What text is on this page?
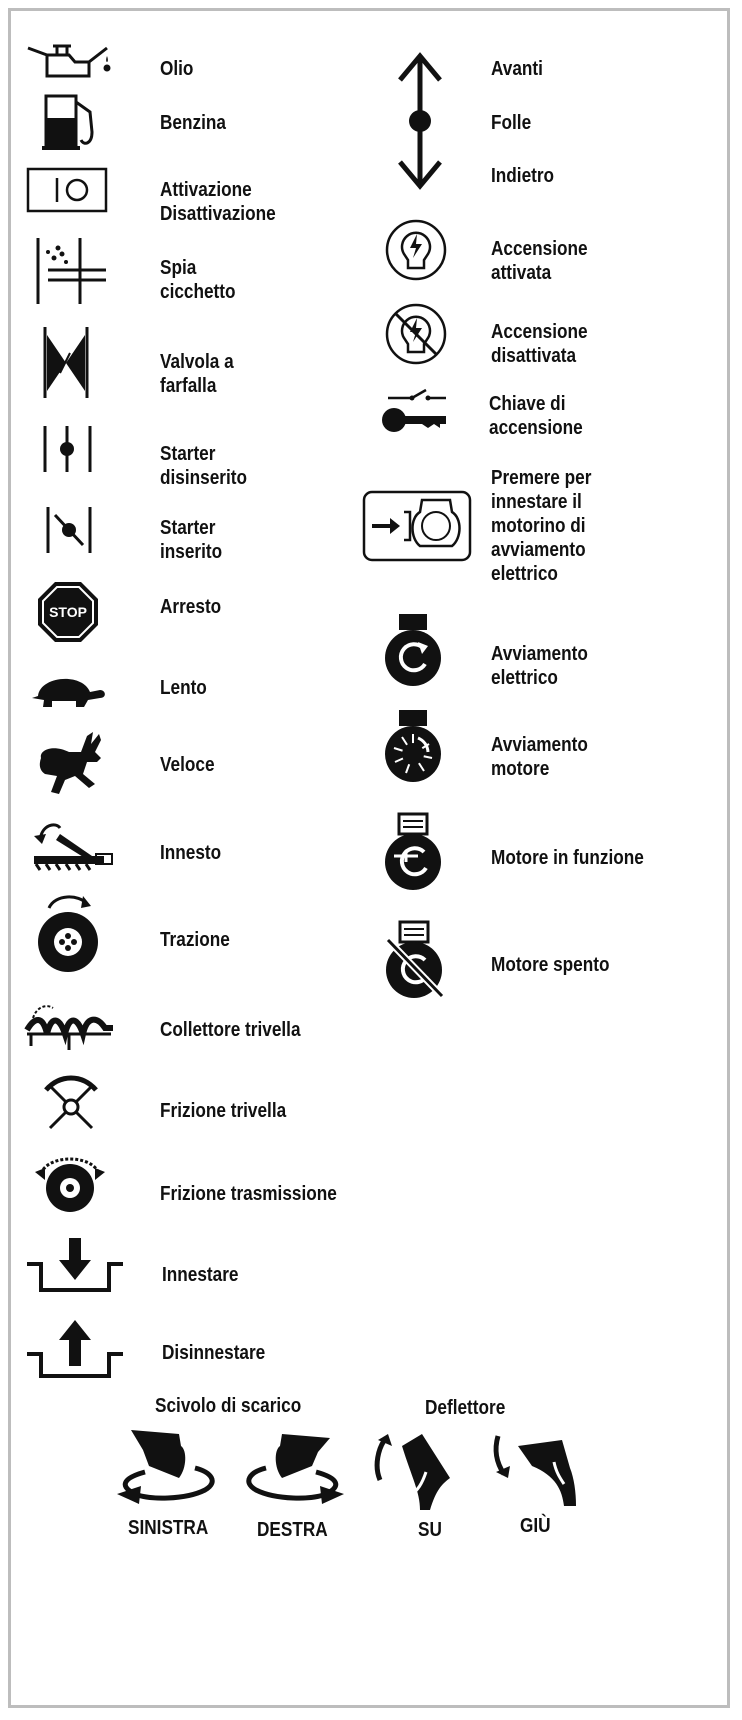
STOP
Olio
Benzina
Attivazione
Disattivazione
Spia
cicchetto
Valvola a
farfalla
Starter
disinserito
Starter
inserito
Arresto
Lento
Veloce
Innesto
Trazione
Collettore trivella
Frizione trivella
Frizione trasmissione
Innestare
Disinnestare
Avanti
Folle
Indietro
Accensione
attivata
Accensione
disattivata
Chiave di
accensione
Premere per
innestare il
motorino di
avviamento
elettrico
Avviamento
elettrico
Avviamento
motore
Motore in funzione
Motore spento
Scivolo di scarico	Deflettore
SINISTRA DESTRA	SU	GIÙ
